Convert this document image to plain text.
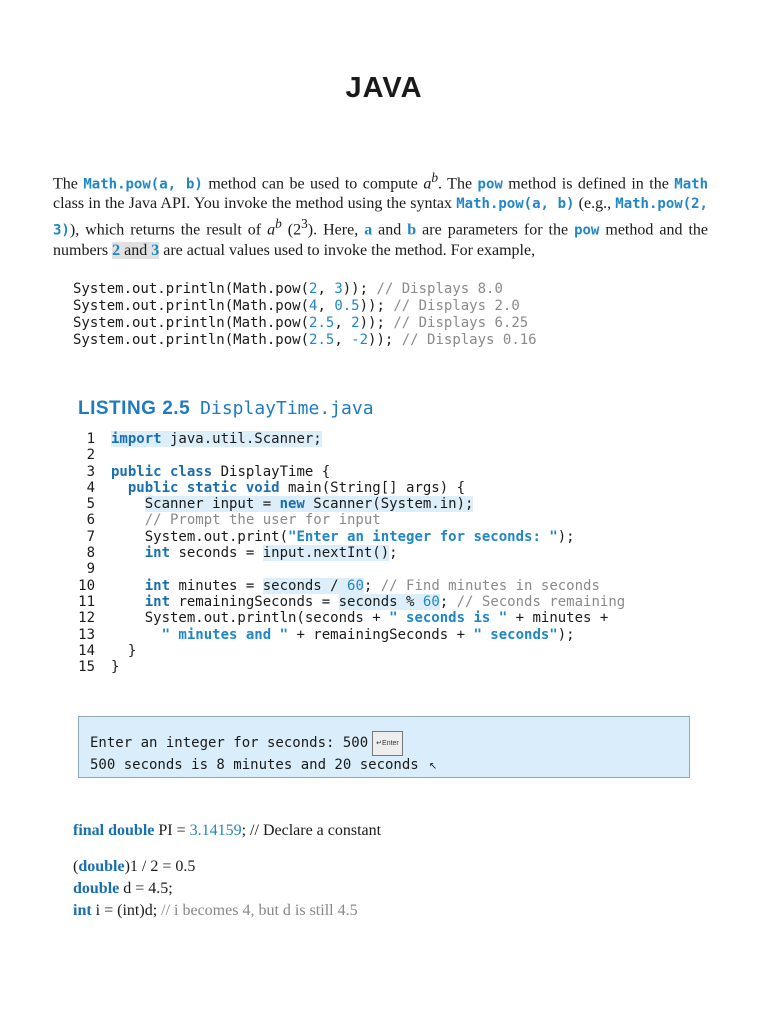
JAVA
The Math.pow(a, b) method can be used to compute $a^b$. The pow method is defined in the Math class in the Java API. You invoke the method using the syntax Math.pow(a, b) (e.g., Math.pow(2, 3)), which returns the result of $a^b$ $(2^3)$. Here, a and b are parameters for the pow method and the numbers 2 and 3 are actual values used to invoke the method. For example,
System.out.println(Math.pow(2, 3)); // Displays 8.0
System.out.println(Math.pow(4, 0.5)); // Displays 2.0
System.out.println(Math.pow(2.5, 2)); // Displays 6.25
System.out.println(Math.pow(2.5, -2)); // Displays 0.16
LISTING 2.5 DisplayTime.java
1 import java.util.Scanner;
2
3 public class DisplayTime {
4 public static void main(String[] args) {
5	Scanner input = new Scanner(System.in);
6	// Prompt the user for input
7	System.out.print("Enter an integer for seconds: ");
8	int seconds = input.nextInt();
9
10	int minutes = seconds / 60; // Find minutes in seconds
11	int remainingSeconds = seconds % 60; // Seconds remaining
12	System.out.println(seconds + " seconds is " + minutes +
13	" minutes and " + remainingSeconds + " seconds");
14 }
15 }
Enter an integer for seconds: 500 ↵Enter
500 seconds is 8 minutes and 20 seconds ↖
final double PI = 3.14159; // Declare a constant
(double)1 / 2 = 0.5
double d = 4.5;
int i = (int)d; // i becomes 4, but d is still 4.5
